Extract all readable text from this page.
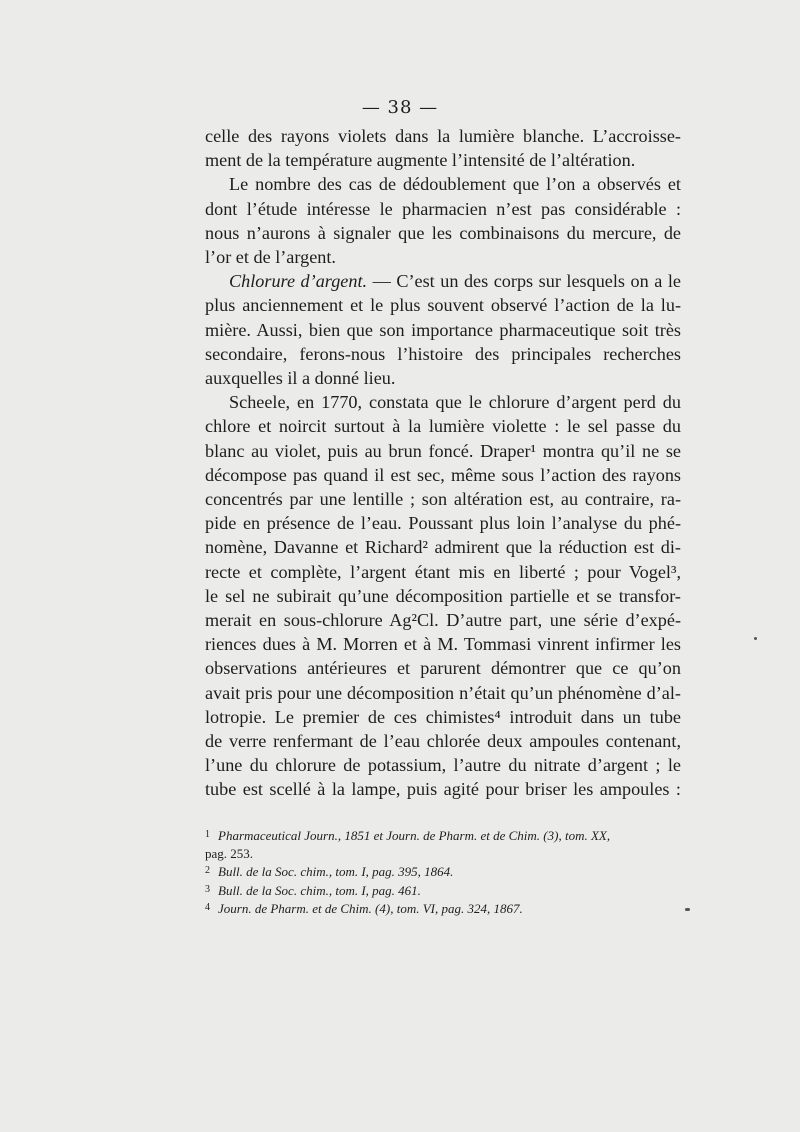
— 38 —
celle des rayons violets dans la lumière blanche. L’accroisse-
ment de la température augmente l’intensité de l’altération.
Le nombre des cas de dédoublement que l’on a observés et
dont l’étude intéresse le pharmacien n’est pas considérable :
nous n’aurons à signaler que les combinaisons du mercure, de
l’or et de l’argent.
Chlorure d’argent. — C’est un des corps sur lesquels on a le
plus anciennement et le plus souvent observé l’action de la lu-
mière. Aussi, bien que son importance pharmaceutique soit très
secondaire, ferons-nous l’histoire des principales recherches
auxquelles il a donné lieu.
Scheele, en 1770, constata que le chlorure d’argent perd du
chlore et noircit surtout à la lumière violette : le sel passe du
blanc au violet, puis au brun foncé. Draper¹ montra qu’il ne se
décompose pas quand il est sec, même sous l’action des rayons
concentrés par une lentille ; son altération est, au contraire, ra-
pide en présence de l’eau. Poussant plus loin l’analyse du phé-
nomène, Davanne et Richard² admirent que la réduction est di-
recte et complète, l’argent étant mis en liberté ; pour Vogel³,
le sel ne subirait qu’une décomposition partielle et se transfor-
merait en sous-chlorure Ag²Cl. D’autre part, une série d’expé-
riences dues à M. Morren et à M. Tommasi vinrent infirmer les
observations antérieures et parurent démontrer que ce qu’on
avait pris pour une décomposition n’était qu’un phénomène d’al-
lotropie. Le premier de ces chimistes⁴ introduit dans un tube
de verre renfermant de l’eau chlorée deux ampoules contenant,
l’une du chlorure de potassium, l’autre du nitrate d’argent ; le
tube est scellé à la lampe, puis agité pour briser les ampoules :
1 Pharmaceutical Journ., 1851 et Journ. de Pharm. et de Chim. (3), tom. XX,
pag. 253.
2 Bull. de la Soc. chim., tom. I, pag. 395, 1864.
3 Bull. de la Soc. chim., tom. I, pag. 461.
4 Journ. de Pharm. et de Chim. (4), tom. VI, pag. 324, 1867.
